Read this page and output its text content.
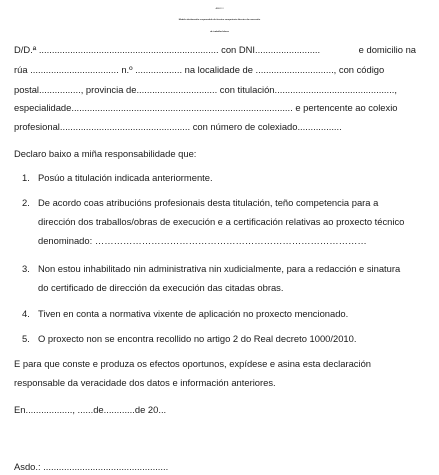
ANEXO II
Modelo declaración responsable de técnico competente director da execución
de traballos/obras
D/D.ª ..................................................................... con DNI.........................	e domicilio na
rúa .................................. n.º .................. na localidade de .............................., con código
postal................, provincia de............................... con titulación..............................................,
especialidade..................................................................................... e pertencente ao colexio
profesional.................................................. con número de colexiado.................
Declaro baixo a miña responsabilidade que:
1. Posúo a titulación indicada anteriormente.
2. De acordo coas atribucións profesionais desta titulación, teño competencia para a
dirección dos traballos/obras de execución e a certificación relativas ao proxecto técnico
denominado: ……………………………………………………………………………
3. Non estou inhabilitado nin administrativa nin xudicialmente, para a redacción e sinatura
do certificado de dirección da execución das citadas obras.
4. Tiven en conta a normativa vixente de aplicación no proxecto mencionado.
5. O proxecto non se encontra recollido no artigo 2 do Real decreto 1000/2010.
E para que conste e produza os efectos oportunos, expídese e asina esta declaración
responsable da veracidade dos datos e información anteriores.
En.................., ......de............de 20...
Asdo.: ................................................
